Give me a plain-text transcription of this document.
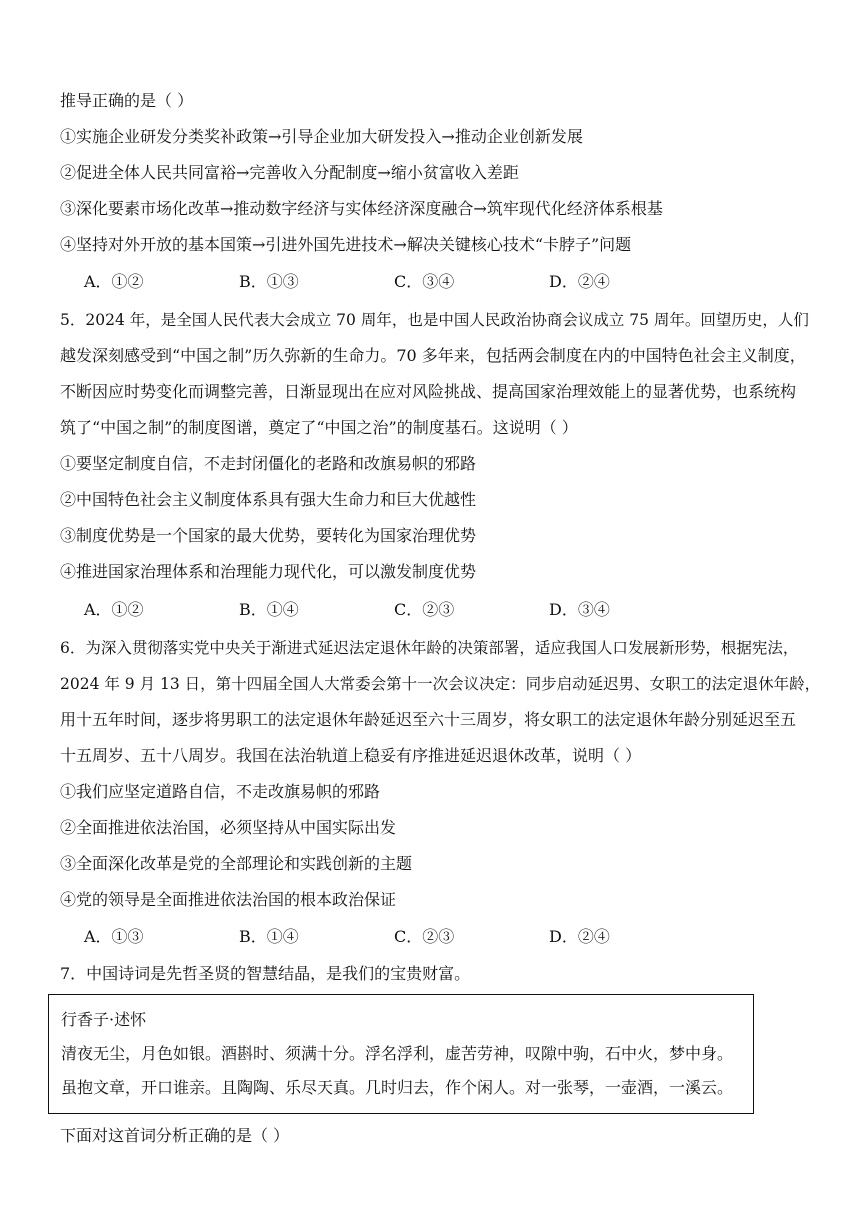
推导正确的是（ ）
①实施企业研发分类奖补政策→引导企业加大研发投入→推动企业创新发展
②促进全体人民共同富裕→完善收入分配制度→缩小贫富收入差距
③深化要素市场化改革→推动数字经济与实体经济深度融合→筑牢现代化经济体系根基
④坚持对外开放的基本国策→引进外国先进技术→解决关键核心技术“卡脖子”问题
A．①②	B．①③	C．③④	D．②④
5．2024 年，是全国人民代表大会成立 70 周年，也是中国人民政治协商会议成立 75 周年。回望历史，人们
越发深刻感受到“中国之制”历久弥新的生命力。70 多年来，包括两会制度在内的中国特色社会主义制度，
不断因应时势变化而调整完善，日渐显现出在应对风险挑战、提高国家治理效能上的显著优势，也系统构
筑了“中国之制”的制度图谱，奠定了“中国之治”的制度基石。这说明（ ）
①要坚定制度自信，不走封闭僵化的老路和改旗易帜的邪路
②中国特色社会主义制度体系具有强大生命力和巨大优越性
③制度优势是一个国家的最大优势，要转化为国家治理优势
④推进国家治理体系和治理能力现代化，可以激发制度优势
A．①②	B．①④	C．②③	D．③④
6．为深入贯彻落实党中央关于渐进式延迟法定退休年龄的决策部署，适应我国人口发展新形势，根据宪法，
2024 年 9 月 13 日，第十四届全国人大常委会第十一次会议决定：同步启动延迟男、女职工的法定退休年龄，
用十五年时间，逐步将男职工的法定退休年龄延迟至六十三周岁，将女职工的法定退休年龄分别延迟至五
十五周岁、五十八周岁。我国在法治轨道上稳妥有序推进延迟退休改革，说明（ ）
①我们应坚定道路自信，不走改旗易帜的邪路
②全面推进依法治国，必须坚持从中国实际出发
③全面深化改革是党的全部理论和实践创新的主题
④党的领导是全面推进依法治国的根本政治保证
A．①③	B．①④	C．②③	D．②④
7．中国诗词是先哲圣贤的智慧结晶，是我们的宝贵财富。
行香子·述怀
清夜无尘，月色如银。酒斟时、须满十分。浮名浮利，虚苦劳神，叹隙中驹，石中火，梦中身。
虽抱文章，开口谁亲。且陶陶、乐尽天真。几时归去，作个闲人。对一张琴，一壶酒，一溪云。
下面对这首词分析正确的是（ ）
